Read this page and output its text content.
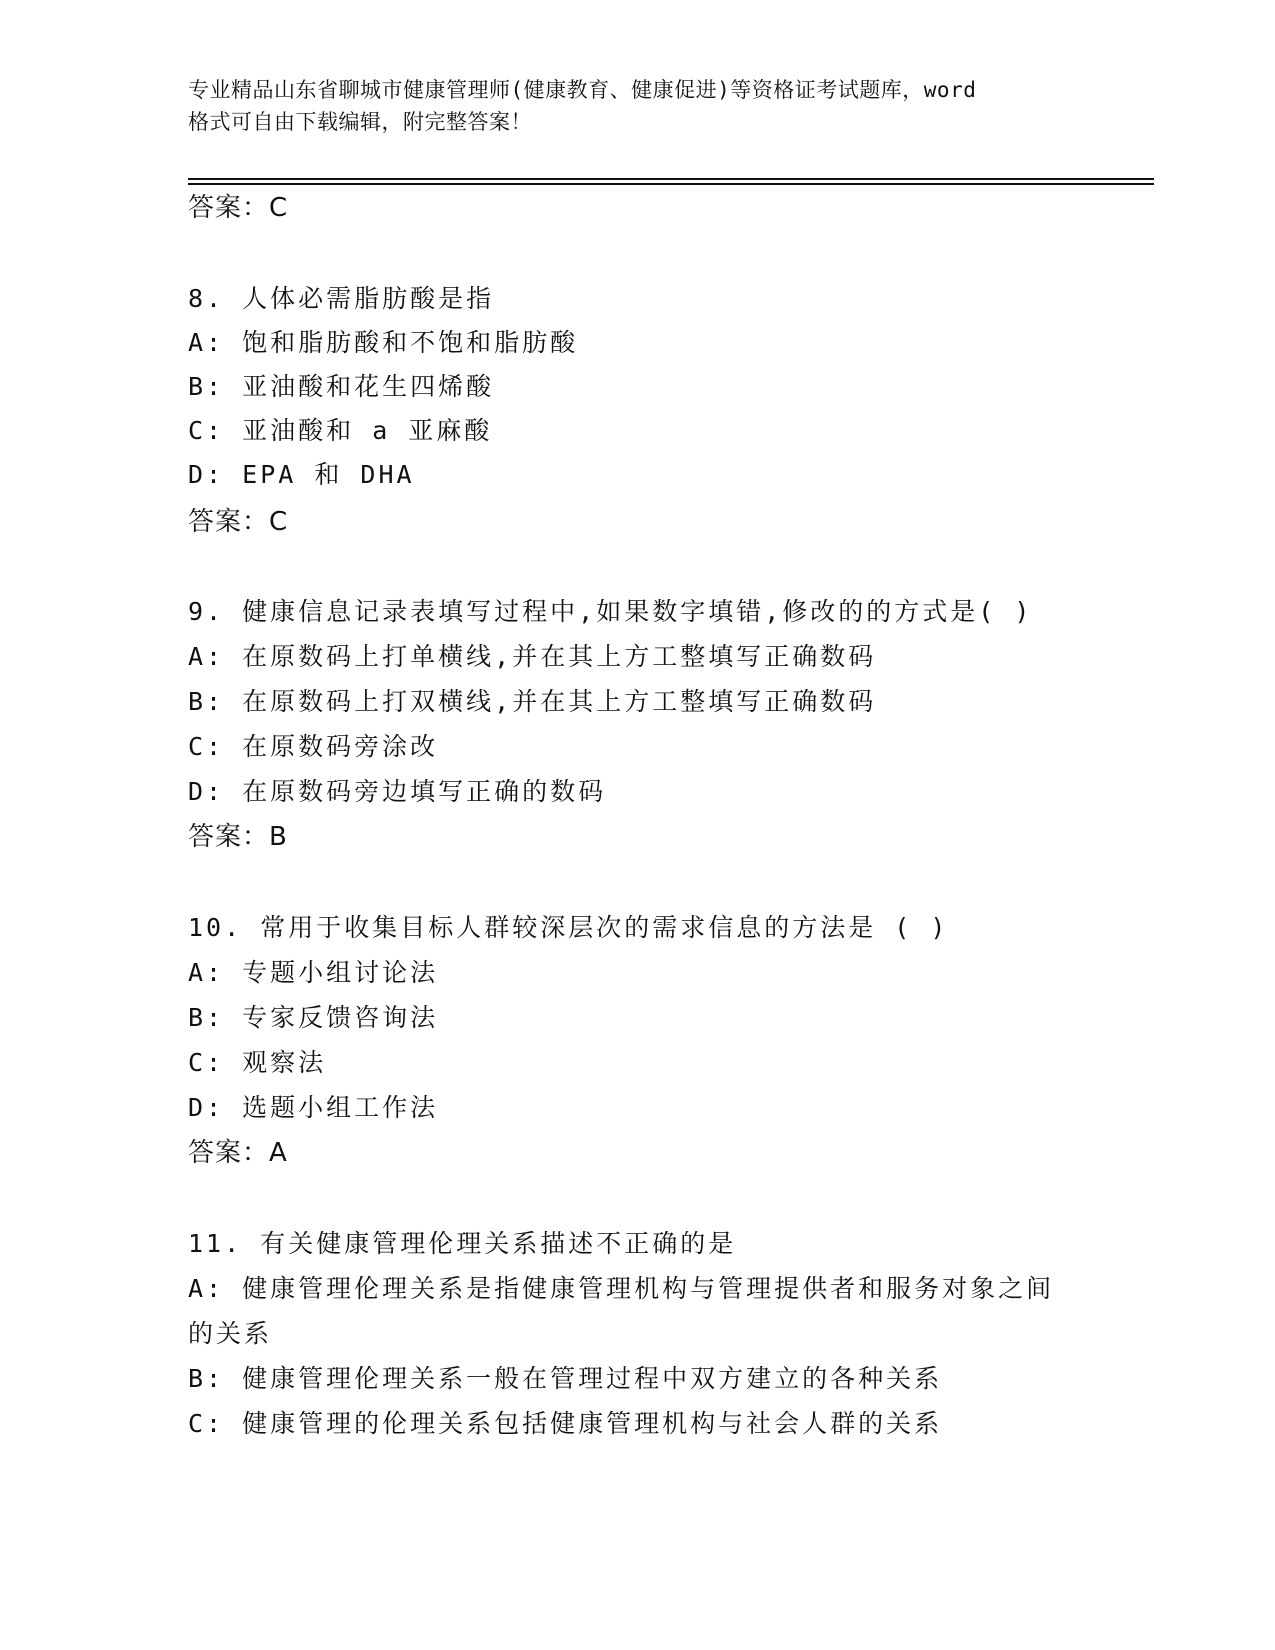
专业精品山东省聊城市健康管理师(健康教育、健康促进)等资格证考试题库，word
格式可自由下载编辑，附完整答案！
答案：C
8. 人体必需脂肪酸是指
A: 饱和脂肪酸和不饱和脂肪酸
B: 亚油酸和花生四烯酸
C: 亚油酸和 a 亚麻酸
D: EPA 和 DHA
答案：C
9. 健康信息记录表填写过程中,如果数字填错,修改的的方式是( )
A: 在原数码上打单横线,并在其上方工整填写正确数码
B: 在原数码上打双横线,并在其上方工整填写正确数码
C: 在原数码旁涂改
D: 在原数码旁边填写正确的数码
答案：B
10. 常用于收集目标人群较深层次的需求信息的方法是 ( )
A: 专题小组讨论法
B: 专家反馈咨询法
C: 观察法
D: 选题小组工作法
答案：A
11. 有关健康管理伦理关系描述不正确的是
A: 健康管理伦理关系是指健康管理机构与管理提供者和服务对象之间
的关系
B: 健康管理伦理关系一般在管理过程中双方建立的各种关系
C: 健康管理的伦理关系包括健康管理机构与社会人群的关系
